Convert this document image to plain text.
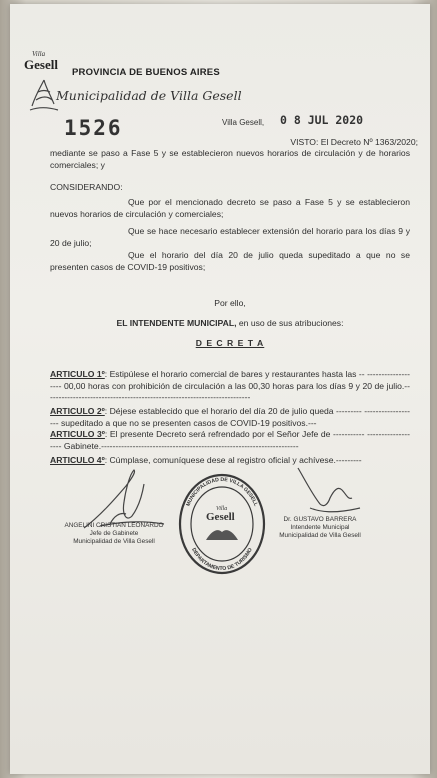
Villa
Gesell
PROVINCIA DE BUENOS AIRES
Municipalidad de Villa Gesell
1526	Villa Gesell, 0 8 JUL 2020
VISTO: El Decreto Nº 1363/2020;
mediante se paso a Fase 5 y se establecieron nuevos horarios de circulación y de horarios comerciales; y
CONSIDERANDO:
Que por el mencionado decreto se paso a Fase 5 y se establecieron nuevos horarios de circulación y comerciales;
Que se hace necesario establecer extensión del horario para los días 9 y 20 de julio;
Que el horario del día 20 de julio queda supeditado a que no se presenten casos de COVID-19 positivos;
Por ello,
EL INTENDENTE MUNICIPAL, en uso de sus atribuciones:
D E C R E T A
ARTICULO 1º: Estipúlese el horario comercial de bares y restaurantes hasta las -- ------------------- 00,00 horas con prohibición de circulación a las 00,30 horas para los días 9 y 20 de julio.------------------------------------------------------------------------
ARTICULO 2º: Déjese establecido que el horario del día 20 de julio queda --------- ------------------- supeditado a que no se presenten casos de COVID-19 positivos.---
ARTICULO 3º: El presente Decreto será refrendado por el Señor Jefe de ----------- ------------------- Gabinete.---------------------------------------------------------------------
ARTICULO 4º: Cúmplase, comuníquese dese al registro oficial y achívese.---------
ANGELINI CRISTIAN LEONARDO
Jefe de Gabinete
Municipalidad de Villa Gesell
MUNICIPALIDAD DE VILLA GESELL
DEPARTAMENTO DE TURISMO
Villa
Gesell	Dr. GUSTAVO BARRERA
Intendente Municipal
Municipalidad de Villa Gesell
